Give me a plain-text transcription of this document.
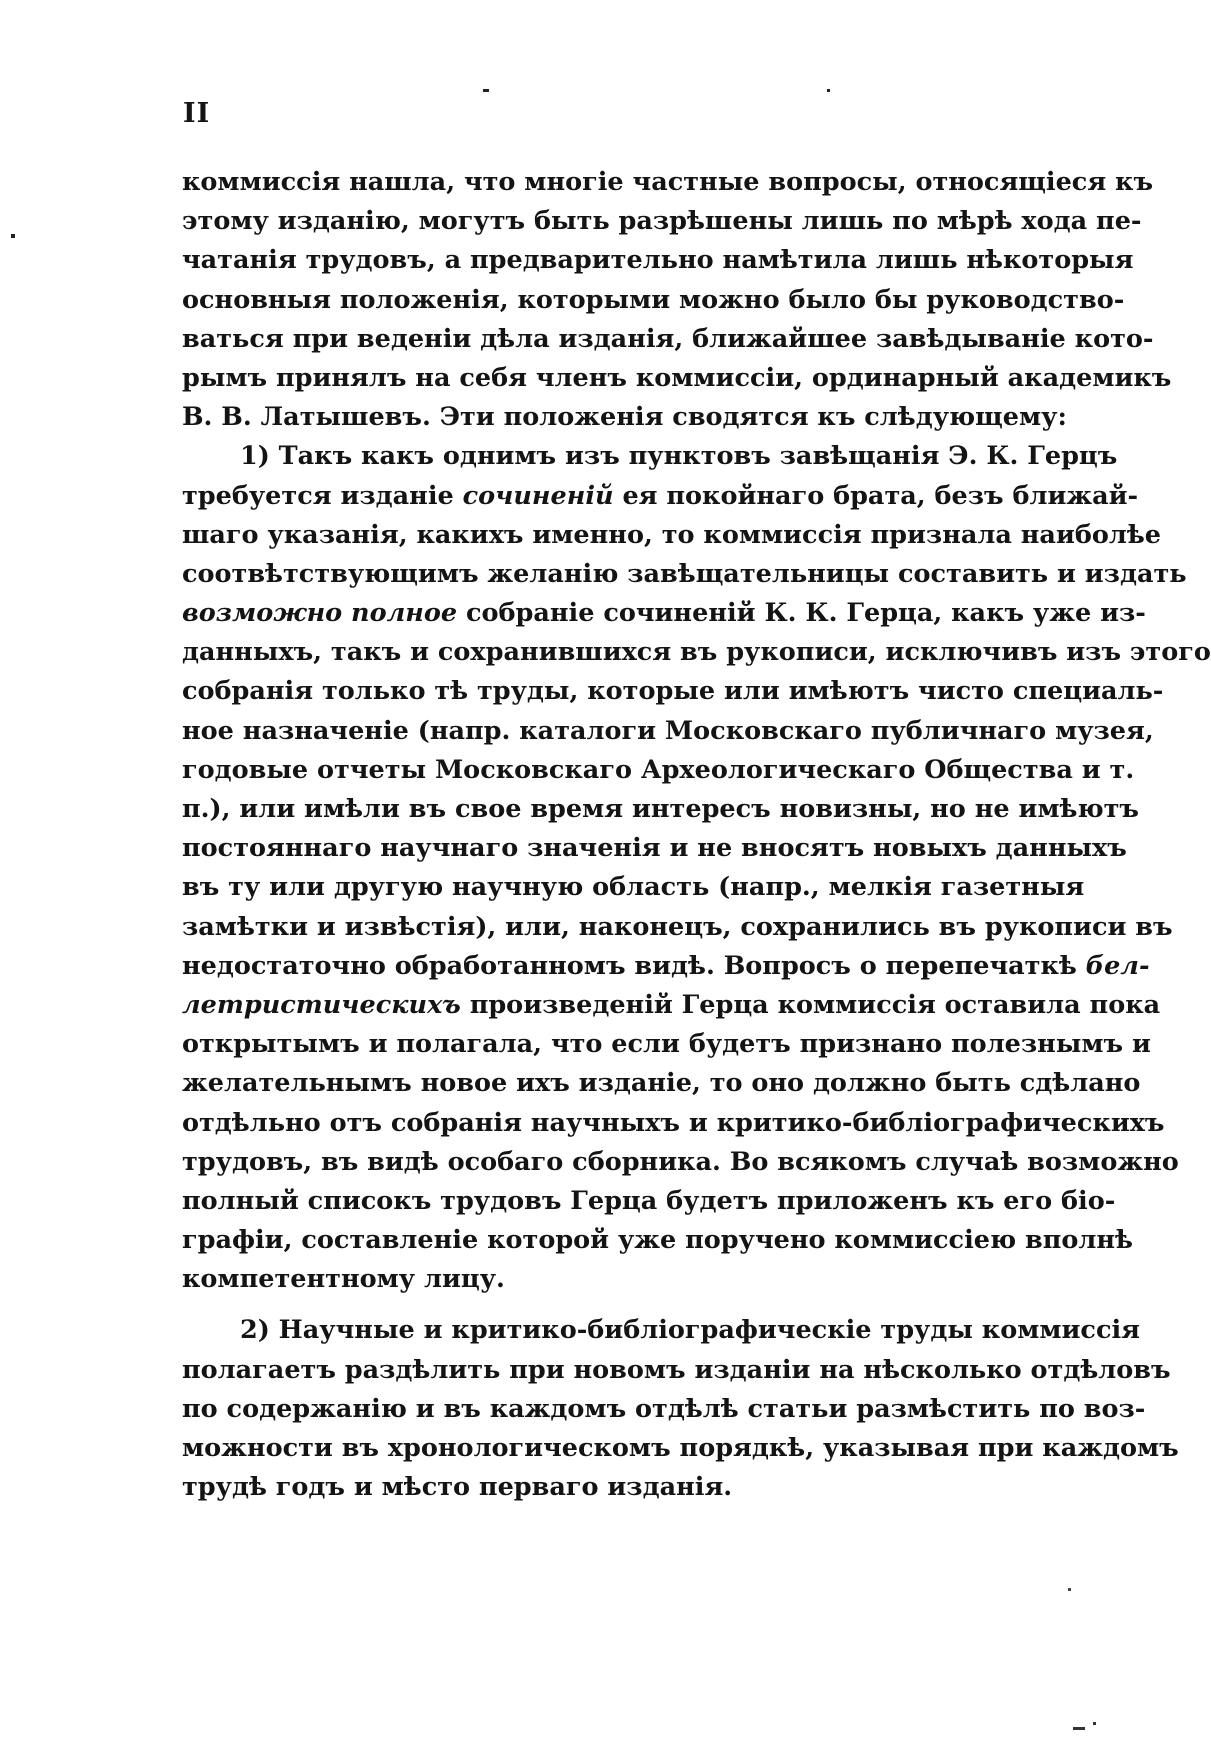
II
коммиссія нашла, что многіе частные вопросы, относящіеся къ
этому изданію, могутъ быть разрѣшены лишь по мѣрѣ хода пе-
чатанія трудовъ, а предварительно намѣтила лишь нѣкоторыя
основныя положенія, которыми можно было бы руководство-
ваться при веденіи дѣла изданія, ближайшее завѣдываніе кото-
рымъ принялъ на себя членъ коммиссіи, ординарный академикъ
В. В. Латышевъ. Эти положенія сводятся къ слѣдующему:
1) Такъ какъ однимъ изъ пунктовъ завѣщанія Э. К. Герцъ
требуется изданіе сочиненій ея покойнаго брата, безъ ближай-
шаго указанія, какихъ именно, то коммиссія признала наиболѣе
соотвѣтствующимъ желанію завѣщательницы составить и издать
возможно полное собраніе сочиненій К. К. Герца, какъ уже из-
данныхъ, такъ и сохранившихся въ рукописи, исключивъ изъ этого
собранія только тѣ труды, которые или имѣютъ чисто специаль-
ное назначеніе (напр. каталоги Московскаго публичнаго музея,
годовые отчеты Московскаго Археологическаго Общества и т.
п.), или имѣли въ свое время интересъ новизны, но не имѣютъ
постояннаго научнаго значенія и не вносятъ новыхъ данныхъ
въ ту или другую научную область (напр., мелкія газетныя
замѣтки и извѣстія), или, наконецъ, сохранились въ рукописи въ
недостаточно обработанномъ видѣ. Вопросъ о перепечаткѣ бел-
летристическихъ произведеній Герца коммиссія оставила пока
открытымъ и полагала, что если будетъ признано полезнымъ и
желательнымъ новое ихъ изданіе, то оно должно быть сдѣлано
отдѣльно отъ собранія научныхъ и критико-библіографическихъ
трудовъ, въ видѣ особаго сборника. Во всякомъ случаѣ возможно
полный списокъ трудовъ Герца будетъ приложенъ къ его біо-
графіи, составленіе которой уже поручено коммиссіею вполнѣ
компетентному лицу.
2) Научные и критико-библіографическіе труды коммиссія
полагаетъ раздѣлить при новомъ изданіи на нѣсколько отдѣловъ
по содержанію и въ каждомъ отдѣлѣ статьи размѣстить по воз-
можности въ хронологическомъ порядкѣ, указывая при каждомъ
трудѣ годъ и мѣсто перваго изданія.
